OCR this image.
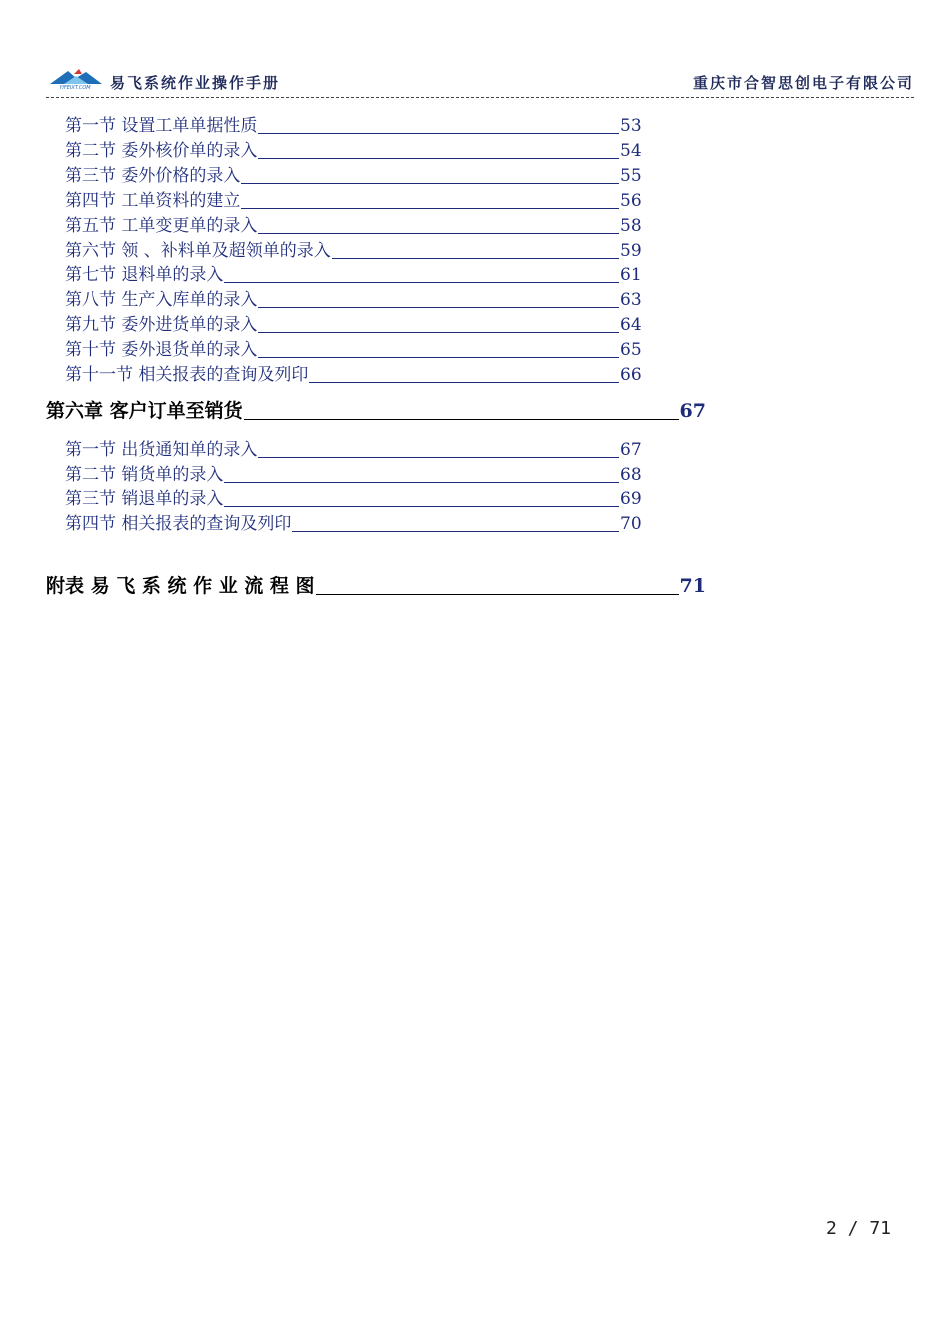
YIFEIXT.COM 易飞系统作业操作手册	重庆市合智思创电子有限公司
第一节 设置工单单据性质	53
第二节 委外核价单的录入	54
第三节 委外价格的录入	55
第四节 工单资料的建立	56
第五节 工单变更单的录入	58
第六节 领 、补料单及超领单的录入	59
第七节 退料单的录入	61
第八节 生产入库单的录入	63
第九节 委外进货单的录入	64
第十节 委外退货单的录入	65
第十一节 相关报表的查询及列印	66
第六章 客户订单至销货	67
第一节 出货通知单的录入	67
第二节 销货单的录入	68
第三节 销退单的录入	69
第四节 相关报表的查询及列印	70
附表 易 飞 系 统 作 业 流 程 图	71
2 / 71
